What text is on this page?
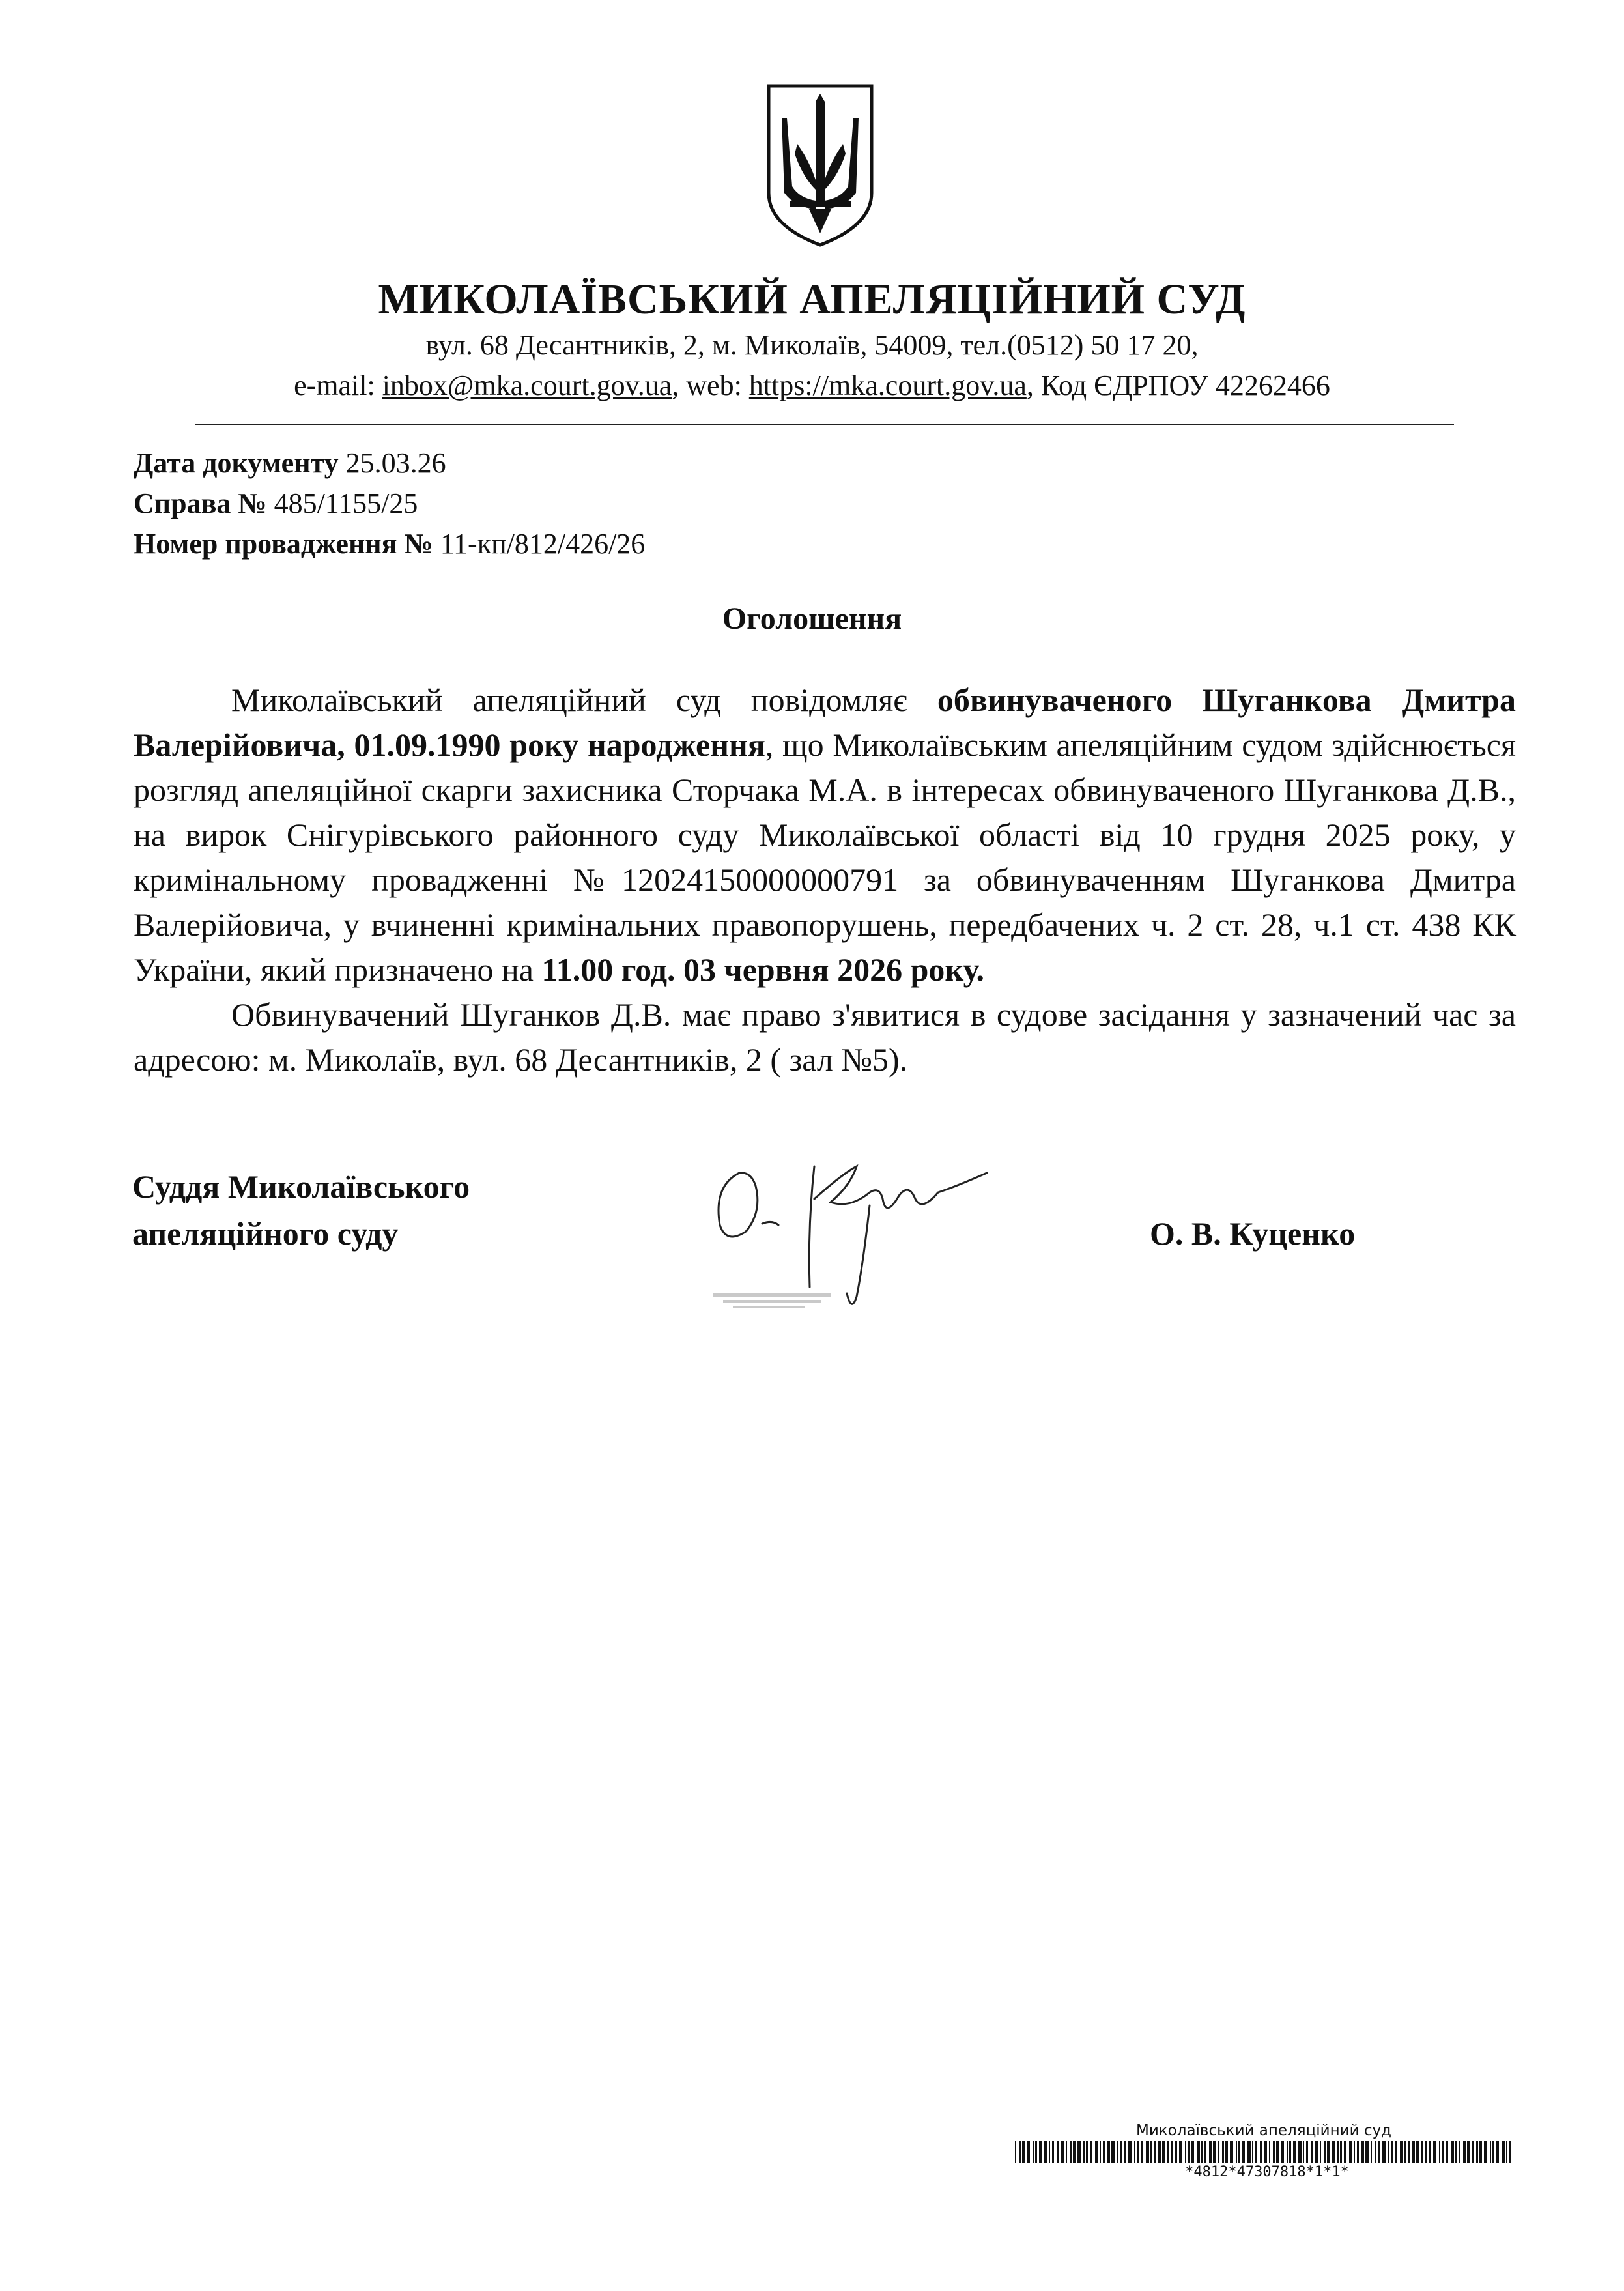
МИКОЛАЇВСЬКИЙ АПЕЛЯЦІЙНИЙ СУД
вул. 68 Десантників, 2, м. Миколаїв, 54009, тел.(0512) 50 17 20,
e-mail: inbox@mka.court.gov.ua, web: https://mka.court.gov.ua, Код ЄДРПОУ 42262466
Дата документу 25.03.26
Справа № 485/1155/25
Номер провадження № 11-кп/812/426/26
Оголошення

Миколаївський апеляційний суд повідомляє обвинуваченого Шуганкова Дмитра Валерійовича, 01.09.1990 року народження, що Миколаївським апеляційним судом здійснюється розгляд апеляційної скарги захисника Сторчака М.А. в інтересах обвинуваченого Шуганкова Д.В., на вирок Снігурівського районного суду Миколаївської області від 10 грудня 2025 року, у кримінальному провадженні №12024150000000791 за обвинуваченням Шуганкова Дмитра Валерійовича, у вчиненні кримінальних правопорушень, передбачених ч. 2 ст. 28, ч.1 ст. 438 КК України, який призначено на 11.00 год. 03 червня 2026 року.

Обвинувачений Шуганков Д.В. має право з'явитися в судове засідання у зазначений час за адресою: м. Миколаїв, вул. 68 Десантників, 2 ( зал №5).

Суддя Миколаївського
апеляційного суду	О. В. Куценко
Миколаївський апеляційний суд
*4812*47307818*1*1*
